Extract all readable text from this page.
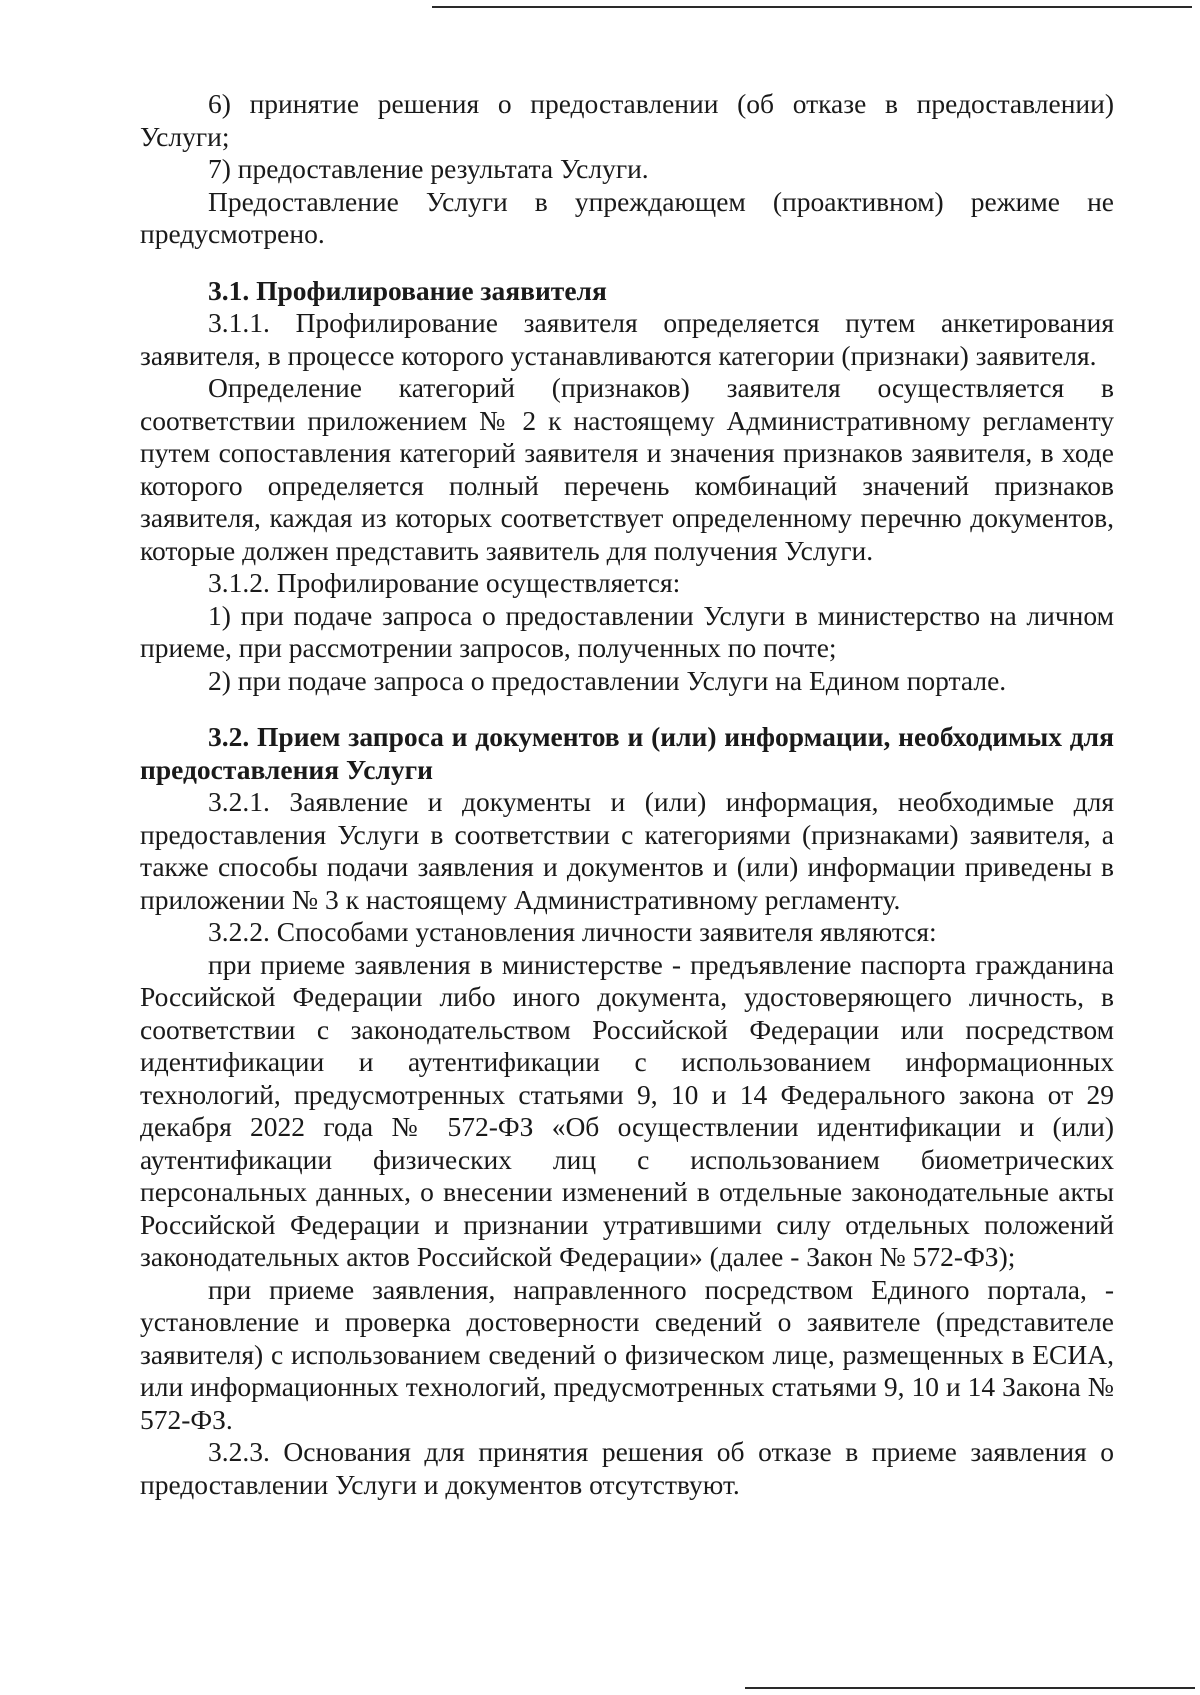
6) принятие решения о предоставлении (об отказе в предоставлении) Услуги;

7) предоставление результата Услуги.

Предоставление Услуги в упреждающем (проактивном) режиме не предусмотрено.

3.1. Профилирование заявителя

3.1.1. Профилирование заявителя определяется путем анкетирования заявителя, в процессе которого устанавливаются категории (признаки) заявителя.

Определение категорий (признаков) заявителя осуществляется в соответствии приложением № 2 к настоящему Административному регламенту путем сопоставления категорий заявителя и значения признаков заявителя, в ходе которого определяется полный перечень комбинаций значений признаков заявителя, каждая из которых соответствует определенному перечню документов, которые должен представить заявитель для получения Услуги.

3.1.2. Профилирование осуществляется:

1) при подаче запроса о предоставлении Услуги в министерство на личном приеме, при рассмотрении запросов, полученных по почте;

2) при подаче запроса о предоставлении Услуги на Едином портале.

3.2. Прием запроса и документов и (или) информации, необходимых для предоставления Услуги

3.2.1. Заявление и документы и (или) информация, необходимые для предоставления Услуги в соответствии с категориями (признаками) заявителя, а также способы подачи заявления и документов и (или) информации приведены в приложении № 3 к настоящему Административному регламенту.

3.2.2. Способами установления личности заявителя являются:

при приеме заявления в министерстве - предъявление паспорта гражданина Российской Федерации либо иного документа, удостоверяющего личность, в соответствии с законодательством Российской Федерации или посредством идентификации и аутентификации с использованием информационных технологий, предусмотренных статьями 9, 10 и 14 Федерального закона от 29 декабря 2022 года № 572-ФЗ «Об осуществлении идентификации и (или) аутентификации физических лиц с использованием биометрических персональных данных, о внесении изменений в отдельные законодательные акты Российской Федерации и признании утратившими силу отдельных положений законодательных актов Российской Федерации» (далее - Закон № 572-ФЗ);

при приеме заявления, направленного посредством Единого портала, - установление и проверка достоверности сведений о заявителе (представителе заявителя) с использованием сведений о физическом лице, размещенных в ЕСИА, или информационных технологий, предусмотренных статьями 9, 10 и 14 Закона № 572-ФЗ.

3.2.3. Основания для принятия решения об отказе в приеме заявления о предоставлении Услуги и документов отсутствуют.
